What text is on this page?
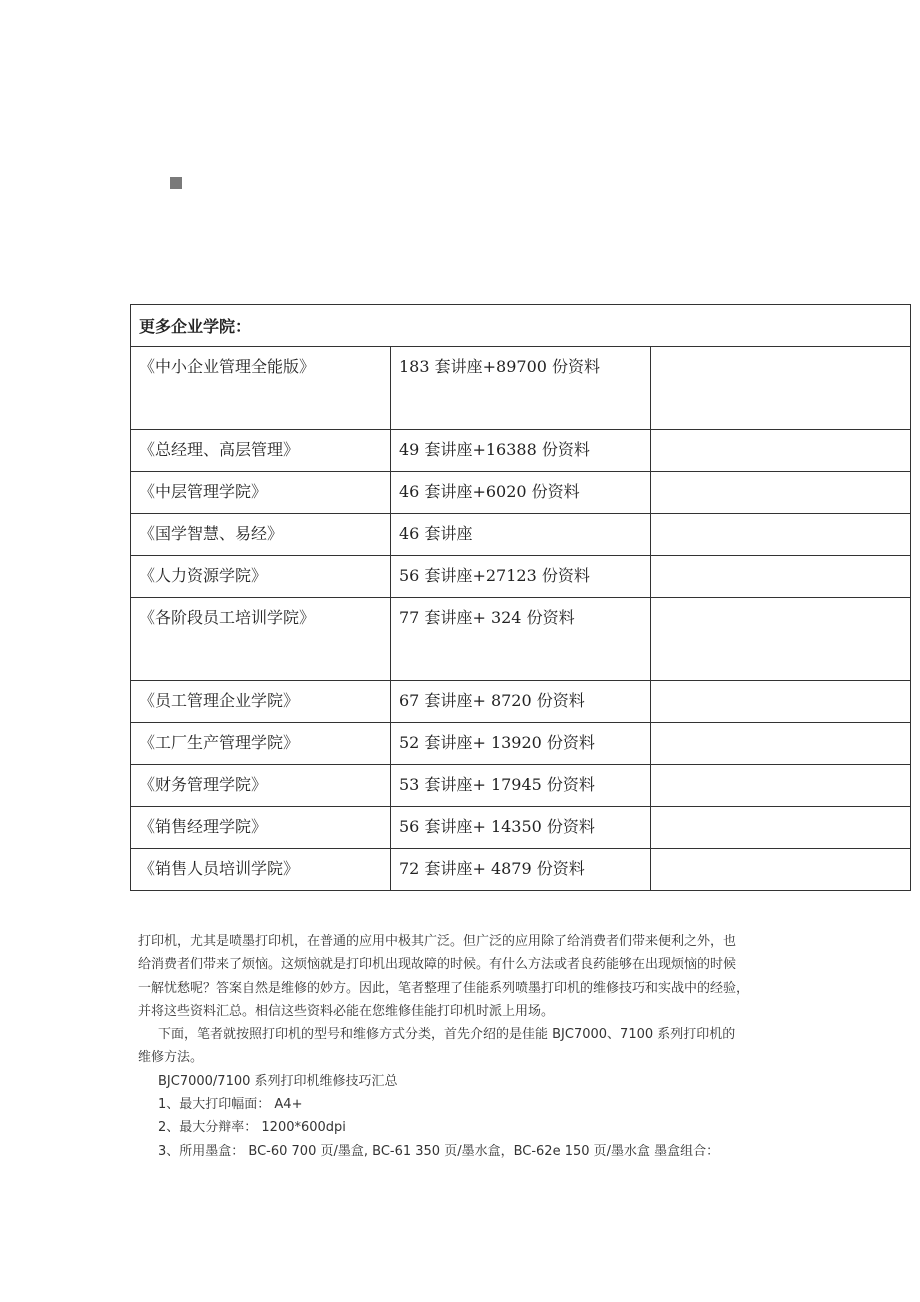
更多企业学院：		
《中小企业管理全能版》	183 套讲座+89700 份资料	
《总经理、高层管理》	49 套讲座+16388 份资料	
《中层管理学院》	46 套讲座+6020 份资料	
《国学智慧、易经》	46 套讲座	
《人力资源学院》	56 套讲座+27123 份资料	
《各阶段员工培训学院》	77 套讲座+ 324 份资料	
《员工管理企业学院》	67 套讲座+ 8720 份资料	
《工厂生产管理学院》	52 套讲座+ 13920 份资料	
《财务管理学院》	53 套讲座+ 17945 份资料	
《销售经理学院》	56 套讲座+ 14350 份资料	
《销售人员培训学院》	72 套讲座+ 4879 份资料	

打印机，尤其是喷墨打印机，在普通的应用中极其广泛。但广泛的应用除了给消费者们带来便利之外，也

给消费者们带来了烦恼。这烦恼就是打印机出现故障的时候。有什么方法或者良药能够在出现烦恼的时候

一解忧愁呢？答案自然是维修的妙方。因此，笔者整理了佳能系列喷墨打印机的维修技巧和实战中的经验，

并将这些资料汇总。相信这些资料必能在您维修佳能打印机时派上用场。

下面，笔者就按照打印机的型号和维修方式分类，首先介绍的是佳能 BJC7000、7100 系列打印机的

维修方法。

BJC7000/7100 系列打印机维修技巧汇总

1、最大打印幅面： A4+

2、最大分辩率： 1200*600dpi

3、所用墨盒： BC-60 700 页/墨盒, BC-61 350 页/墨水盒，BC-62e 150 页/墨水盒 墨盒组合：
